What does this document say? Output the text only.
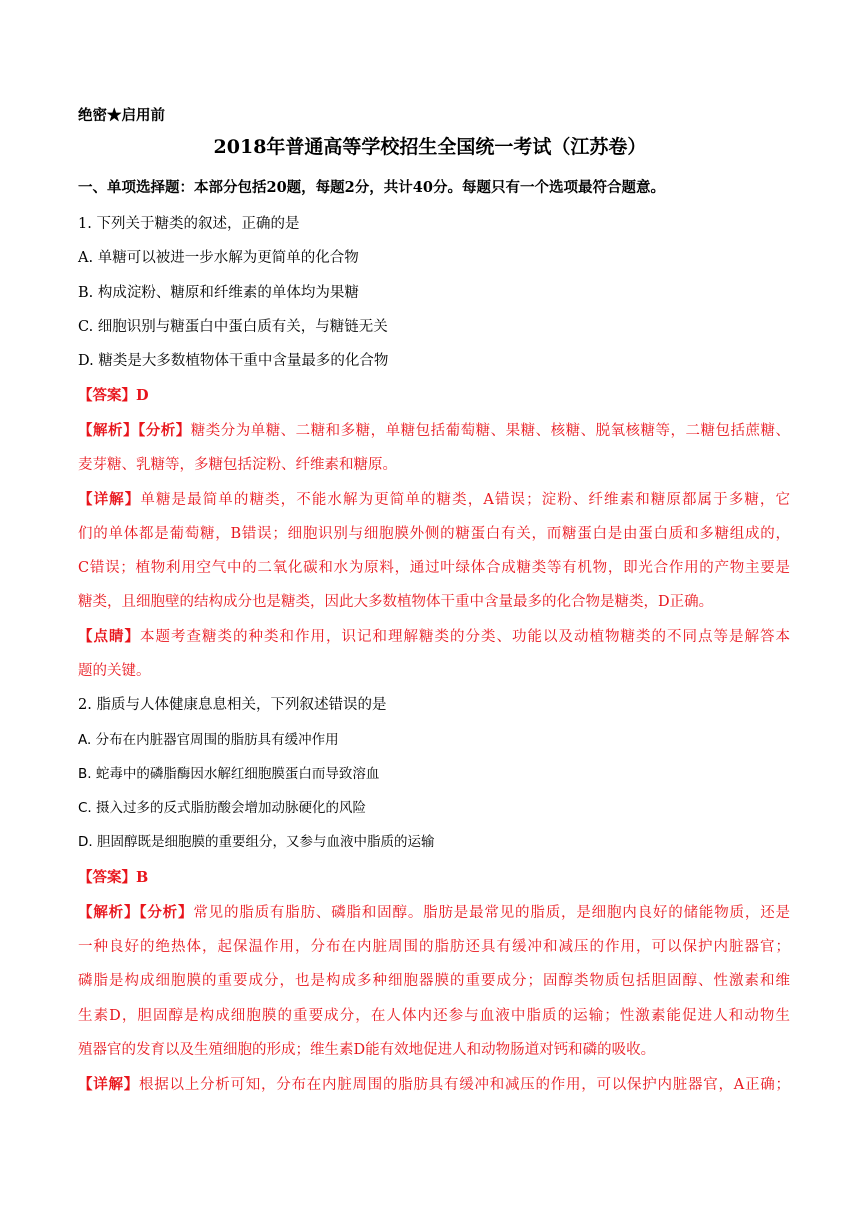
绝密★启用前
2018年普通高等学校招生全国统一考试（江苏卷）
一、单项选择题：本部分包括20题，每题2分，共计40分。每题只有一个选项最符合题意。
1. 下列关于糖类的叙述，正确的是
A. 单糖可以被进一步水解为更简单的化合物
B. 构成淀粉、糖原和纤维素的单体均为果糖
C. 细胞识别与糖蛋白中蛋白质有关，与糖链无关
D. 糖类是大多数植物体干重中含量最多的化合物
【答案】D
【解析】【分析】糖类分为单糖、二糖和多糖，单糖包括葡萄糖、果糖、核糖、脱氧核糖等，二糖包括蔗糖、
麦芽糖、乳糖等，多糖包括淀粉、纤维素和糖原。
【详解】单糖是最简单的糖类，不能水解为更简单的糖类，A错误；淀粉、纤维素和糖原都属于多糖，它
们的单体都是葡萄糖，B错误；细胞识别与细胞膜外侧的糖蛋白有关，而糖蛋白是由蛋白质和多糖组成的，
C错误；植物利用空气中的二氧化碳和水为原料，通过叶绿体合成糖类等有机物，即光合作用的产物主要是
糖类，且细胞壁的结构成分也是糖类，因此大多数植物体干重中含量最多的化合物是糖类，D正确。
【点睛】本题考查糖类的种类和作用，识记和理解糖类的分类、功能以及动植物糖类的不同点等是解答本
题的关键。
2. 脂质与人体健康息息相关，下列叙述错误的是
A. 分布在内脏器官周围的脂肪具有缓冲作用
B. 蛇毒中的磷脂酶因水解红细胞膜蛋白而导致溶血
C. 摄入过多的反式脂肪酸会增加动脉硬化的风险
D. 胆固醇既是细胞膜的重要组分，又参与血液中脂质的运输
【答案】B
【解析】【分析】常见的脂质有脂肪、磷脂和固醇。脂肪是最常见的脂质，是细胞内良好的储能物质，还是
一种良好的绝热体，起保温作用，分布在内脏周围的脂肪还具有缓冲和减压的作用，可以保护内脏器官；
磷脂是构成细胞膜的重要成分，也是构成多种细胞器膜的重要成分；固醇类物质包括胆固醇、性激素和维
生素D，胆固醇是构成细胞膜的重要成分，在人体内还参与血液中脂质的运输；性激素能促进人和动物生
殖器官的发育以及生殖细胞的形成；维生素D能有效地促进人和动物肠道对钙和磷的吸收。
【详解】根据以上分析可知，分布在内脏周围的脂肪具有缓冲和减压的作用，可以保护内脏器官，A正确；
